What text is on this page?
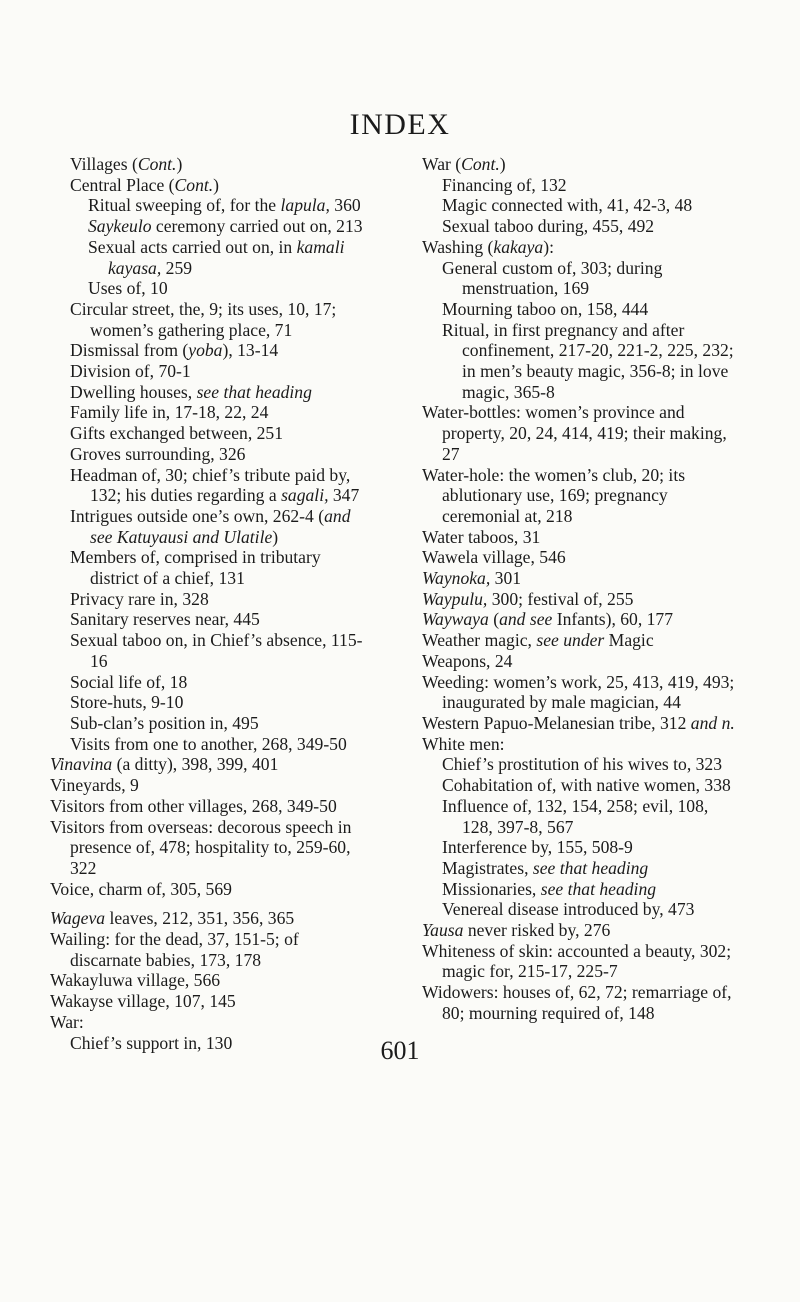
INDEX
Villages (Cont.)
Central Place (Cont.)
Ritual sweeping of, for the lapula, 360
Saykeulo ceremony carried out on, 213
Sexual acts carried out on, in kamali kayasa, 259
Uses of, 10
Circular street, the, 9; its uses, 10, 17; women’s gathering place, 71
Dismissal from (yoba), 13-14
Division of, 70-1
Dwelling houses, see that heading
Family life in, 17-18, 22, 24
Gifts exchanged between, 251
Groves surrounding, 326
Headman of, 30; chief’s tribute paid by, 132; his duties regarding a sagali, 347
Intrigues outside one’s own, 262-4 (and see Katuyausi and Ulatile)
Members of, comprised in tributary district of a chief, 131
Privacy rare in, 328
Sanitary reserves near, 445
Sexual taboo on, in Chief’s absence, 115-16
Social life of, 18
Store-huts, 9-10
Sub-clan’s position in, 495
Visits from one to another, 268, 349-50
Vinavina (a ditty), 398, 399, 401
Vineyards, 9
Visitors from other villages, 268, 349-50
Visitors from overseas: decorous speech in presence of, 478; hospitality to, 259-60, 322
Voice, charm of, 305, 569
Wageva leaves, 212, 351, 356, 365
Wailing: for the dead, 37, 151-5; of discarnate babies, 173, 178
Wakayluwa village, 566
Wakayse village, 107, 145
War:
Chief’s support in, 130
War (Cont.)
Financing of, 132
Magic connected with, 41, 42-3, 48
Sexual taboo during, 455, 492
Washing (kakaya):
General custom of, 303; during menstruation, 169
Mourning taboo on, 158, 444
Ritual, in first pregnancy and after confinement, 217-20, 221-2, 225, 232; in men’s beauty magic, 356-8; in love magic, 365-8
Water-bottles: women’s province and property, 20, 24, 414, 419; their making, 27
Water-hole: the women’s club, 20; its ablutionary use, 169; pregnancy ceremonial at, 218
Water taboos, 31
Wawela village, 546
Waynoka, 301
Waypulu, 300; festival of, 255
Waywaya (and see Infants), 60, 177
Weather magic, see under Magic
Weapons, 24
Weeding: women’s work, 25, 413, 419, 493; inaugurated by male magician, 44
Western Papuo-Melanesian tribe, 312 and n.
White men:
Chief’s prostitution of his wives to, 323
Cohabitation of, with native women, 338
Influence of, 132, 154, 258; evil, 108, 128, 397-8, 567
Interference by, 155, 508-9
Magistrates, see that heading
Missionaries, see that heading
Venereal disease introduced by, 473
Yausa never risked by, 276
Whiteness of skin: accounted a beauty, 302; magic for, 215-17, 225-7
Widowers: houses of, 62, 72; remarriage of, 80; mourning required of, 148
601
